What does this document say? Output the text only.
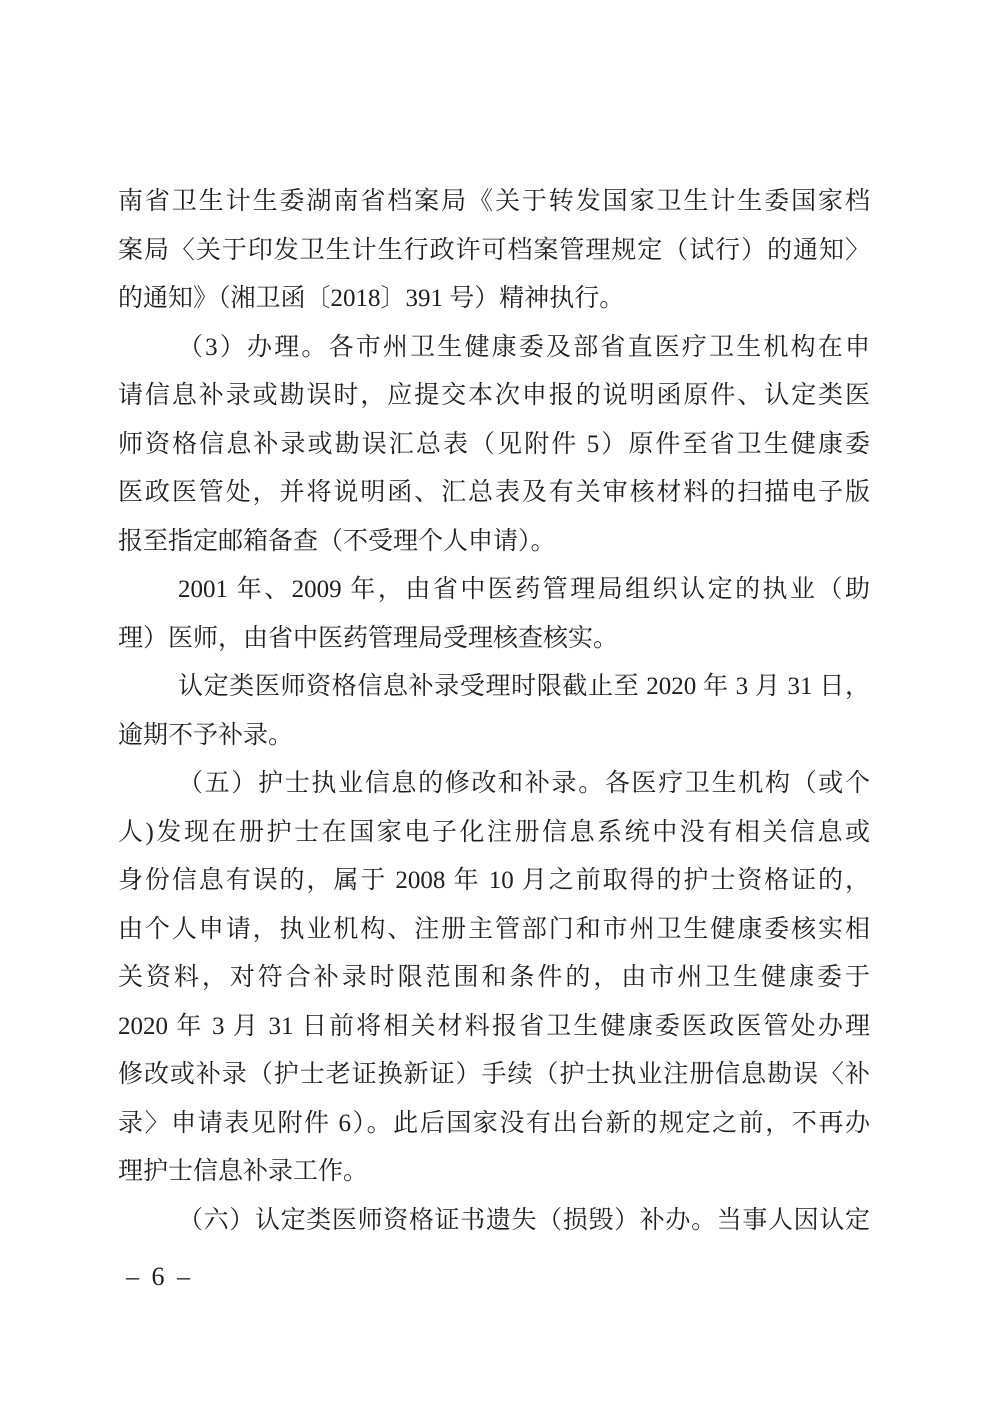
南省卫生计生委湖南省档案局《关于转发国家卫生计生委国家档

案局〈关于印发卫生计生行政许可档案管理规定（试行）的通知〉

的通知》（湘卫函〔2018〕391 号）精神执行。

（3）办理。各市州卫生健康委及部省直医疗卫生机构在申

请信息补录或勘误时，应提交本次申报的说明函原件、认定类医

师资格信息补录或勘误汇总表（见附件 5）原件至省卫生健康委

医政医管处，并将说明函、汇总表及有关审核材料的扫描电子版

报至指定邮箱备查（不受理个人申请）。

2001 年、2009 年，由省中医药管理局组织认定的执业（助

理）医师，由省中医药管理局受理核查核实。

认定类医师资格信息补录受理时限截止至 2020 年 3 月 31 日，

逾期不予补录。

（五）护士执业信息的修改和补录。各医疗卫生机构（或个

人)发现在册护士在国家电子化注册信息系统中没有相关信息或

身份信息有误的，属于 2008 年 10 月之前取得的护士资格证的，

由个人申请，执业机构、注册主管部门和市州卫生健康委核实相

关资料，对符合补录时限范围和条件的，由市州卫生健康委于

2020 年 3 月 31 日前将相关材料报省卫生健康委医政医管处办理

修改或补录（护士老证换新证）手续（护士执业注册信息勘误〈补

录〉申请表见附件 6）。此后国家没有出台新的规定之前，不再办

理护士信息补录工作。

（六）认定类医师资格证书遗失（损毁）补办。当事人因认定

– 6 –
